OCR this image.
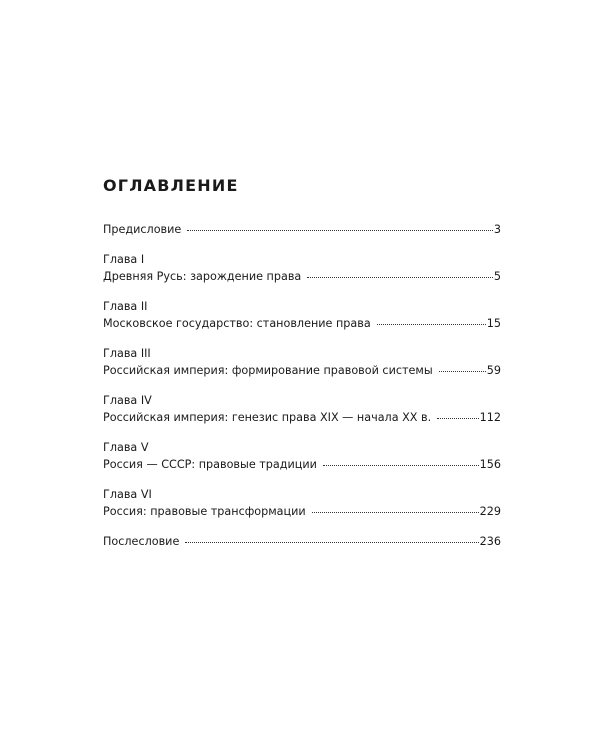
ОГЛАВЛЕНИЕ
Предисловие	3
Глава I
Древняя Русь: зарождение права	5
Глава II
Московское государство: становление права	15
Глава III
Российская империя: формирование правовой системы	59
Глава IV
Российская империя: генезис права XIX — начала XX в.	112
Глава V
Россия — СССР: правовые традиции	156
Глава VI
Россия: правовые трансформации	229
Послесловие	236
